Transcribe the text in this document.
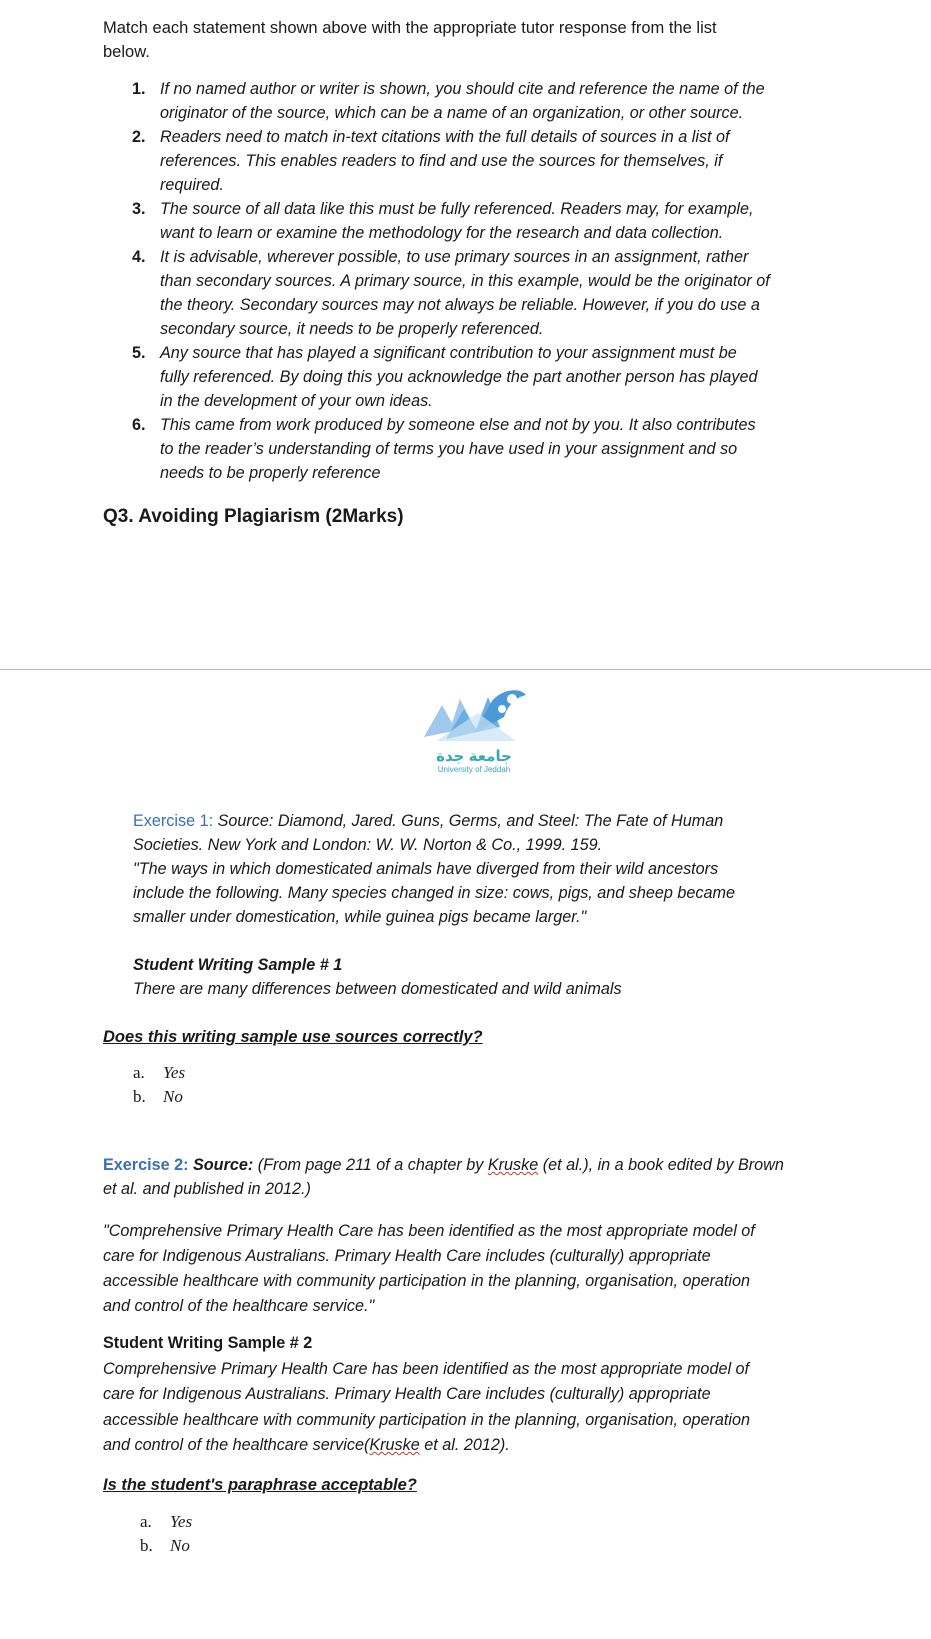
Match each statement shown above with the appropriate tutor response from the list

below.

1. If no named author or writer is shown, you should cite and reference the name of the

originator of the source, which can be a name of an organization, or other source.

2. Readers need to match in-text citations with the full details of sources in a list of

references. This enables readers to find and use the sources for themselves, if

required.

3. The source of all data like this must be fully referenced. Readers may, for example,

want to learn or examine the methodology for the research and data collection.

4. It is advisable, wherever possible, to use primary sources in an assignment, rather

than secondary sources. A primary source, in this example, would be the originator of

the theory. Secondary sources may not always be reliable. However, if you do use a

secondary source, it needs to be properly referenced.

5. Any source that has played a significant contribution to your assignment must be

fully referenced. By doing this you acknowledge the part another person has played

in the development of your own ideas.

6. This came from work produced by someone else and not by you. It also contributes

to the reader’s understanding of terms you have used in your assignment and so

needs to be properly reference

Q3. Avoiding Plagiarism (2Marks)
جامعة جدة
University of Jeddah

Exercise 1: Source: Diamond, Jared. Guns, Germs, and Steel: The Fate of Human

Societies. New York and London: W. W. Norton & Co., 1999. 159.

"The ways in which domesticated animals have diverged from their wild ancestors

include the following. Many species changed in size: cows, pigs, and sheep became

smaller under domestication, while guinea pigs became larger."

Student Writing Sample # 1

There are many differences between domesticated and wild animals

Does this writing sample use sources correctly?

a. Yes

b. No

Exercise 2: Source: (From page 211 of a chapter by Kruske (et al.), in a book edited by Brown

et al. and published in 2012.)

"Comprehensive Primary Health Care has been identified as the most appropriate model of

care for Indigenous Australians. Primary Health Care includes (culturally) appropriate

accessible healthcare with community participation in the planning, organisation, operation

and control of the healthcare service."

Student Writing Sample # 2

Comprehensive Primary Health Care has been identified as the most appropriate model of

care for Indigenous Australians. Primary Health Care includes (culturally) appropriate

accessible healthcare with community participation in the planning, organisation, operation

and control of the healthcare service(Kruske et al. 2012).

Is the student's paraphrase acceptable?

a. Yes

b. No
